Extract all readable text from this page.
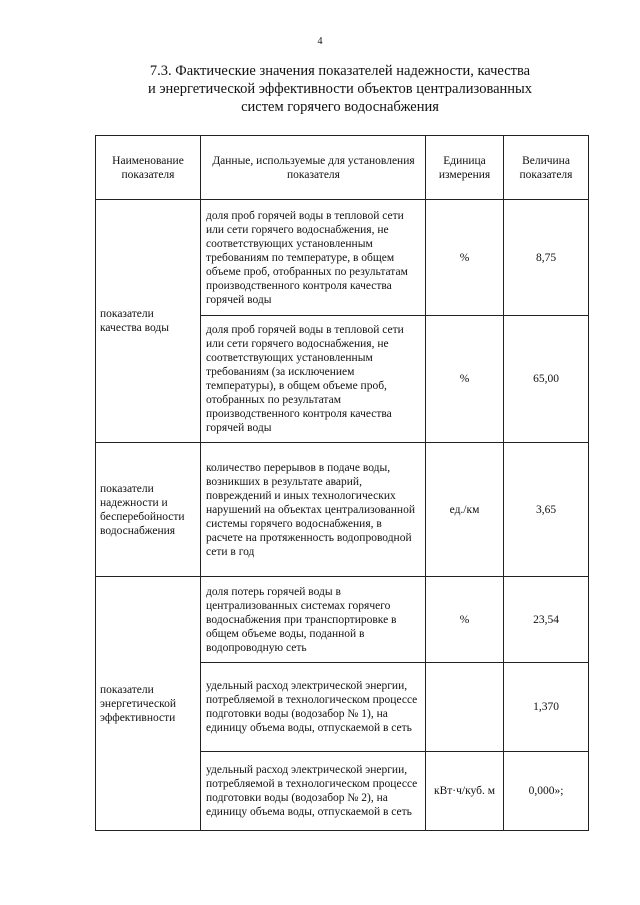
4
7.3. Фактические значения показателей надежности, качества
и энергетической эффективности объектов централизованных
систем горячего водоснабжения
Наименование показателя	Данные, используемые для установления показателя	Единица измерения	Величина показателя
показатели качества воды	доля проб горячей воды в тепловой сети или сети горячего водоснабжения, не соответствующих установленным требованиям по температуре, в общем объеме проб, отобранных по результатам производственного контроля качества горячей воды	%	8,75
	доля проб горячей воды в тепловой сети или сети горячего водоснабжения, не соответствующих установленным требованиям (за исключением температуры), в общем объеме проб, отобранных по результатам производственного контроля качества горячей воды	%	65,00
показатели надежности и бесперебойности водоснабжения	количество перерывов в подаче воды, возникших в результате аварий, повреждений и иных технологических нарушений на объектах централизованной системы горячего водоснабжения, в расчете на протяженность водопроводной сети в год	ед./км	3,65
показатели энергетической эффективности	доля потерь горячей воды в централизованных системах горячего водоснабжения при транспортировке в общем объеме воды, поданной в водопроводную сеть	%	23,54
	удельный расход электрической энергии, потребляемой в технологическом процессе подготовки воды (водозабор № 1), на единицу объема воды, отпускаемой в сеть		1,370
	удельный расход электрической энергии, потребляемой в технологическом процессе подготовки воды (водозабор № 2), на единицу объема воды, отпускаемой в сеть	кВт·ч/куб. м	0,000»;
